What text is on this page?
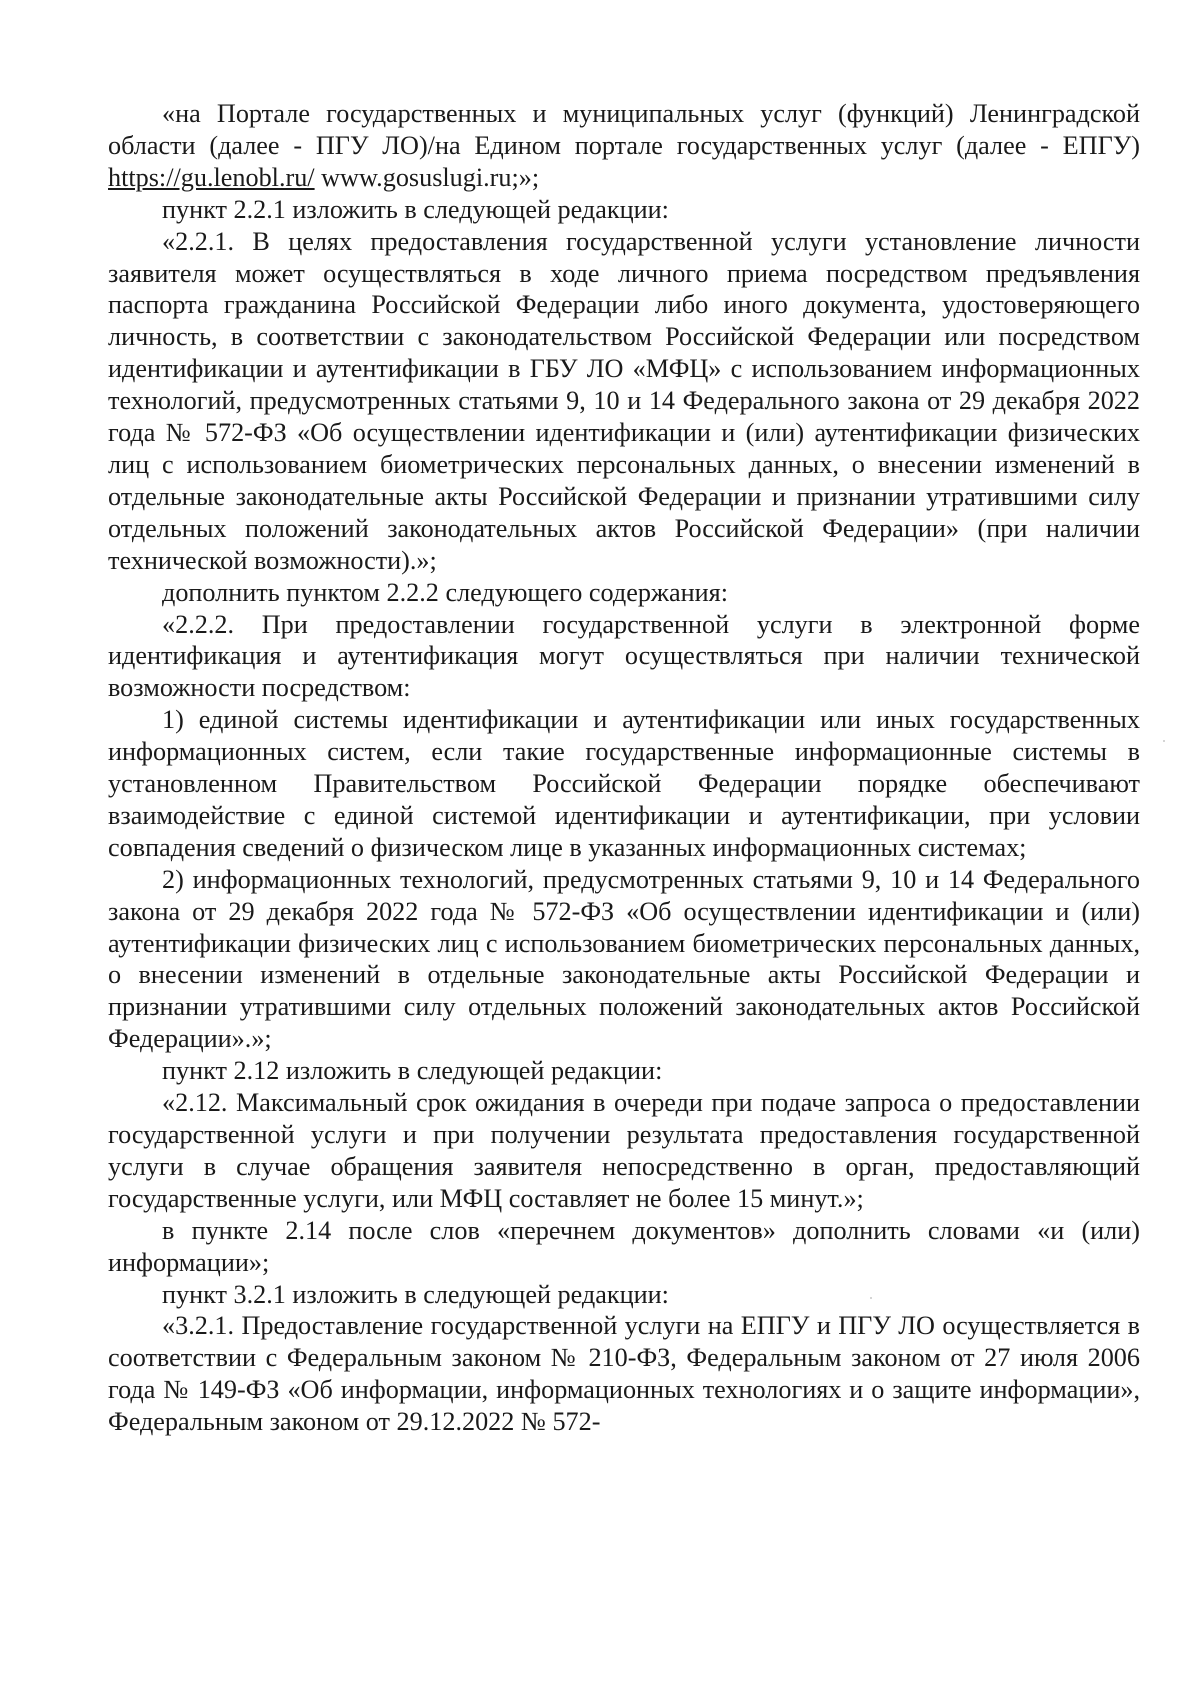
«на Портале государственных и муниципальных услуг (функций) Ленинградской области (далее - ПГУ ЛО)/на Едином портале государственных услуг (далее - ЕПГУ) https://gu.lenobl.ru/ www.gosuslugi.ru;»;

пункт 2.2.1 изложить в следующей редакции:

«2.2.1. В целях предоставления государственной услуги установление личности заявителя может осуществляться в ходе личного приема посредством предъявления паспорта гражданина Российской Федерации либо иного документа, удостоверяющего личность, в соответствии с законодательством Российской Федерации или посредством идентификации и аутентификации в ГБУ ЛО «МФЦ» с использованием информационных технологий, предусмотренных статьями 9, 10 и 14 Федерального закона от 29 декабря 2022 года № 572-ФЗ «Об осуществлении идентификации и (или) аутентификации физических лиц с использованием биометрических персональных данных, о внесении изменений в отдельные законодательные акты Российской Федерации и признании утратившими силу отдельных положений законодательных актов Российской Федерации» (при наличии технической возможности).»;

дополнить пунктом 2.2.2 следующего содержания:

«2.2.2. При предоставлении государственной услуги в электронной форме идентификация и аутентификация могут осуществляться при наличии технической возможности посредством:

1) единой системы идентификации и аутентификации или иных государственных информационных систем, если такие государственные информационные системы в установленном Правительством Российской Федерации порядке обеспечивают взаимодействие с единой системой идентификации и аутентификации, при условии совпадения сведений о физическом лице в указанных информационных системах;

2) информационных технологий, предусмотренных статьями 9, 10 и 14 Федерального закона от 29 декабря 2022 года № 572-ФЗ «Об осуществлении идентификации и (или) аутентификации физических лиц с использованием биометрических персональных данных, о внесении изменений в отдельные законодательные акты Российской Федерации и признании утратившими силу отдельных положений законодательных актов Российской Федерации».»;

пункт 2.12 изложить в следующей редакции:

«2.12. Максимальный срок ожидания в очереди при подаче запроса о предоставлении государственной услуги и при получении результата предоставления государственной услуги в случае обращения заявителя непосредственно в орган, предоставляющий государственные услуги, или МФЦ составляет не более 15 минут.»;

в пункте 2.14 после слов «перечнем документов» дополнить словами «и (или) информации»;

пункт 3.2.1 изложить в следующей редакции:

«3.2.1. Предоставление государственной услуги на ЕПГУ и ПГУ ЛО осуществляется в соответствии с Федеральным законом № 210-ФЗ, Федеральным законом от 27 июля 2006 года № 149-ФЗ «Об информации, информационных технологиях и о защите информации», Федеральным законом от 29.12.2022 № 572-
